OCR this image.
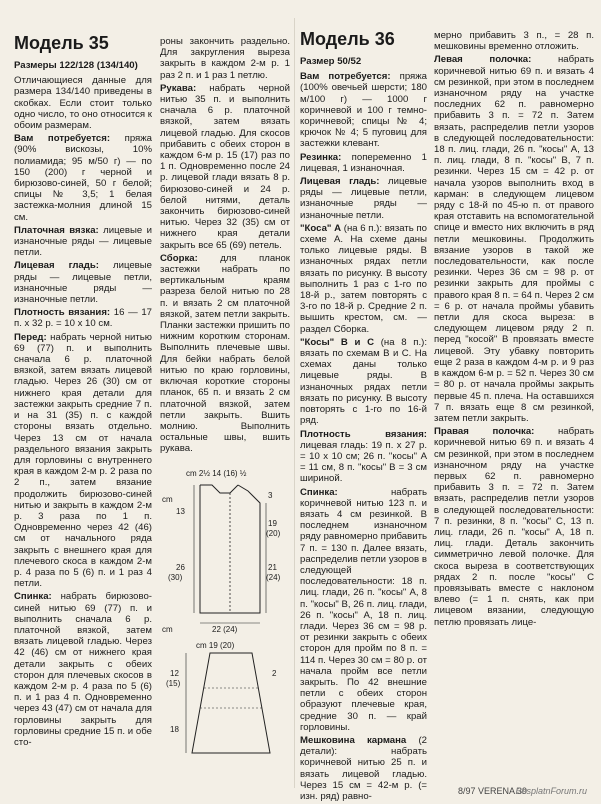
Модель 35

Размеры 122/128 (134/140)

Отличающиеся данные для размера 134/140 приведены в скобках. Если стоит только одно число, то оно относится к обоим размерам.

Вам потребуется: пряжа (90% вискозы, 10% полиамида; 95 м/50 г) — по 150 (200) г черной и бирюзово-синей, 50 г белой; спицы № 3,5; 1 белая застежка-молния длиной 15 см.

Платочная вязка: лицевые и изнаночные ряды — лицевые петли.

Лицевая гладь: лицевые ряды — лицевые петли, изнаночные ряды — изнаночные петли.

Плотность вязания: 16 — 17 п. х 32 р. = 10 х 10 см.

Перед: набрать черной нитью 69 (77) п. и выполнить сначала 6 р. платочной вязкой, затем вязать лицевой гладью. Через 26 (30) см от нижнего края детали для застежки закрыть средние 7 п. и на 31 (35) п. с каждой стороны вязать отдельно. Через 13 см от начала раздельного вязания закрыть для горловины с внутреннего края в каждом 2-м р. 2 раза по 2 п., затем вязание продолжить бирюзово-синей нитью и закрыть в каждом 2-м р. 3 раза по 1 п. Одновременно через 42 (46) см от начального ряда закрыть с внешнего края для плечевого скоса в каждом 2-м р. 4 раза по 5 (6) п. и 1 раз 4 петли.

Спинка: набрать бирюзово-синей нитью 69 (77) п. и выполнить сначала 6 р. платочной вязкой, затем вязать лицевой гладью. Через 42 (46) см от нижнего края детали закрыть с обеих сторон для плечевых скосов в каждом 2-м р. 4 раза по 5 (6) п. и 1 раз 4 п. Одновременно через 43 (47) см от начала для горловины закрыть для горловины средние 15 п. и обе сто-

роны закончить раздельно. Для закругления выреза закрыть в каждом 2-м р. 1 раз 2 п. и 1 раз 1 петлю.

Рукава: набрать черной нитью 35 п. и выполнить сначала 6 р. платочной вязкой, затем вязать лицевой гладью. Для скосов прибавить с обеих сторон в каждом 6-м р. 15 (17) раз по 1 п. Одновременно после 24 р. лицевой глади вязать 8 р. бирюзово-синей и 24 р. белой нитями, деталь закончить бирюзово-синей нитью. Через 32 (35) см от нижнего края детали закрыть все 65 (69) петель.

Сборка: для планок застежки набрать по вертикальным краям разреза белой нитью по 28 п. и вязать 2 см платочной вязкой, затем петли закрыть. Планки застежки пришить по нижним коротким сторонам. Выполнить плечевые швы. Для бейки набрать белой нитью по краю горловины, включая короткие стороны планок, 65 п. и вязать 2 см платочной вязкой, затем петли закрыть. Вшить молнию. Выполнить остальные швы, вшить рукава.

cm 2½ 14 (16) ½
3
19
(20)
21
(24)
cm
13
26
(30)
22 (24)
cm
cm 19 (20)
12
(15)
18
2
Модель 36

Размер 50/52

Вам потребуется: пряжа (100% овечьей шерсти; 180 м/100 г) — 1000 г коричневой и 100 г темно-коричневой; спицы № 4; крючок № 4; 5 пуговиц для застежки клевант.

Резинка: попеременно 1 лицевая, 1 изнаночная.

Лицевая гладь: лицевые ряды — лицевые петли, изнаночные ряды — изнаночные петли.

"Коса" A (на 6 п.): вязать по схеме A. На схеме даны только лицевые ряды. В изнаночных рядах петли вязать по рисунку. В высоту выполнить 1 раз с 1-го по 18-й р., затем повторять с 3-го по 18-й р. Средние 2 п. вышить крестом, см. — раздел Сборка.

"Косы" В и С (на 8 п.): вязать по схемам В и С. На схемах даны только лицевые ряды. В изнаночных рядах петли вязать по рисунку. В высоту повторять с 1-го по 16-й ряд.

Плотность вязания: лицевая гладь: 19 п. х 27 р. = 10 х 10 см; 26 п. "косы" А = 11 см, 8 п. "косы" В = 3 см шириной.

Спинка: набрать коричневой нитью 123 п. и вязать 4 см резинкой. В последнем изнаночном ряду равномерно прибавить 7 п. = 130 п. Далее вязать, распределив петли узоров в следующей последовательности: 18 п. лиц. глади, 26 п. "косы" А, 8 п. "косы" В, 26 п. лиц. глади, 26 п. "косы" А, 18 п. лиц. глади. Через 36 см = 98 р. от резинки закрыть с обеих сторон для пройм по 8 п. = 114 п. Через 30 см = 80 р. от начала пройм все петли закрыть. По 42 внешние петли с обеих сторон образуют плечевые края, средние 30 п. — край горловины.

Мешковина кармана (2 детали): набрать коричневой нитью 25 п. и вязать лицевой гладью. Через 15 см = 42-м р. (= изн. ряд) равно-

мерно прибавить 3 п., = 28 п. мешковины временно отложить.

Левая полочка: набрать коричневой нитью 69 п. и вязать 4 см резинкой, при этом в последнем изнаночном ряду на участке последних 62 п. равномерно прибавить 3 п. = 72 п. Затем вязать, распределив петли узоров в следующей последовательности: 18 п. лиц. глади, 26 п. "косы" А, 13 п. лиц. глади, 8 п. "косы" В, 7 п. резинки. Через 15 см = 42 р. от начала узоров выполнить вход в карман: в следующем лицевом ряду с 18-й по 45-ю п. от правого края отставить на вспомогательной спице и вместо них включить в ряд петли мешковины. Продолжить вязание узоров в такой же последовательности, как после резинки. Через 36 см = 98 р. от резинки закрыть для проймы с правого края 8 п. = 64 п. Через 2 см = 6 р. от начала проймы убавить петли для скоса выреза: в следующем лицевом ряду 2 п. перед "косой" В провязать вместе лицевой. Эту убавку повторить еще 2 раза в каждом 4-м р. и 9 раз в каждом 6-м р. = 52 п. Через 30 см = 80 р. от начала проймы закрыть первые 45 п. плеча. На оставшихся 7 п. вязать еще 8 см резинкой, затем петли закрыть.

Правая полочка: набрать коричневой нитью 69 п. и вязать 4 см резинкой, при этом в последнем изнаночном ряду на участке первых 62 п. равномерно прибавить 3 п. = 72 п. Затем вязать, распределив петли узоров в следующей последовательности: 7 п. резинки, 8 п. "косы" С, 13 п. лиц. глади, 26 п. "косы" А, 18 п. лиц. глади. Деталь закончить симметрично левой полочке. Для скоса выреза в соответствующих рядах 2 п. после "косы" С провязывать вместе с наклоном влево (= 1 п. снять, как при лицевом вязании, следующую петлю провязать лице-

8/97 VERENA 39
BesplatnForum.ru
